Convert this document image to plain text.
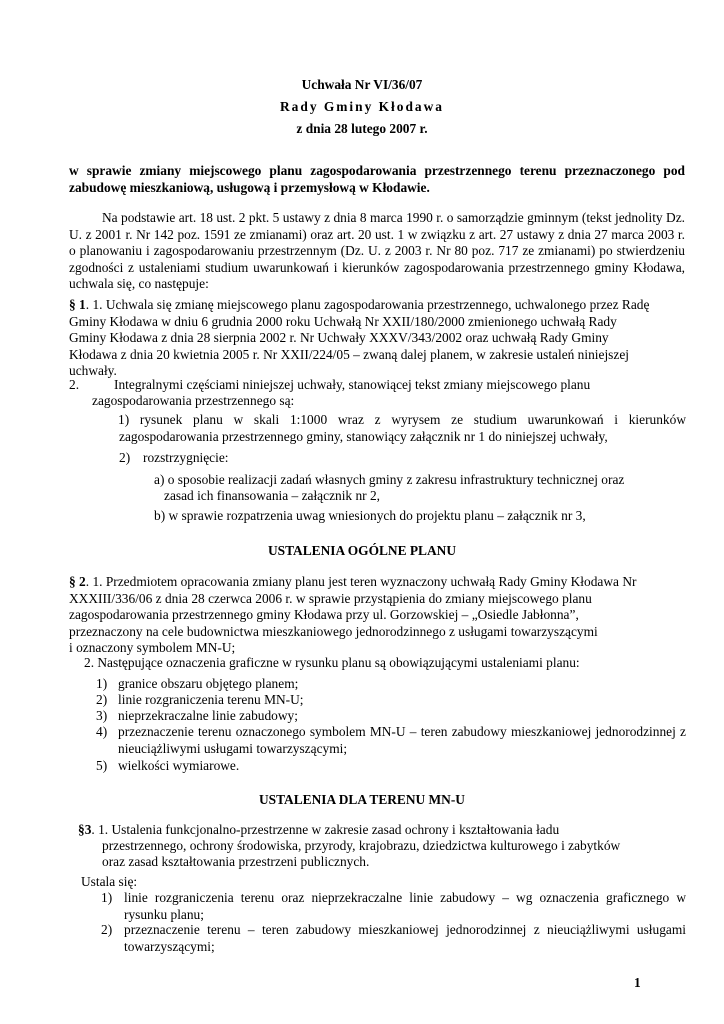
Uchwała Nr VI/36/07
Rady Gminy Kłodawa
z dnia 28 lutego 2007 r.

w sprawie zmiany miejscowego planu zagospodarowania przestrzennego terenu przeznaczonego pod zabudowę mieszkaniową, usługową i przemysłową w Kłodawie.

Na podstawie art. 18 ust. 2 pkt. 5 ustawy z dnia 8 marca 1990 r. o samorządzie gminnym (tekst jednolity Dz. U. z 2001 r. Nr 142 poz. 1591 ze zmianami) oraz art. 20 ust. 1 w związku z art. 27 ustawy z dnia 27 marca 2003 r. o planowaniu i zagospodarowaniu przestrzennym (Dz. U. z 2003 r. Nr 80 poz. 717 ze zmianami) po stwierdzeniu zgodności z ustaleniami studium uwarunkowań i kierunków zagospodarowania przestrzennego gminy Kłodawa, uchwala się, co następuje:

§ 1. 1. Uchwala się zmianę miejscowego planu zagospodarowania przestrzennego, uchwalonego przez Radę
Gminy Kłodawa w dniu 6 grudnia 2000 roku Uchwałą Nr XXII/180/2000 zmienionego uchwałą Rady
Gminy Kłodawa z dnia 28 sierpnia 2002 r. Nr Uchwały XXXV/343/2002 oraz uchwałą Rady Gminy
Kłodawa z dnia 20 kwietnia 2005 r. Nr XXII/224/05 – zwaną dalej planem, w zakresie ustaleń niniejszej
uchwały.
2.	Integralnymi częściami niniejszej uchwały, stanowiącej tekst zmiany miejscowego planu
zagospodarowania przestrzennego są:

1) rysunek planu w skali 1:1000 wraz z wyrysem ze studium uwarunkowań i kierunków zagospodarowania przestrzennego gminy, stanowiący załącznik nr 1 do niniejszej uchwały,

2) rozstrzygnięcie:
a) o sposobie realizacji zadań własnych gminy z zakresu infrastruktury technicznej oraz
zasad ich finansowania – załącznik nr 2,
b) w sprawie rozpatrzenia uwag wniesionych do projektu planu – załącznik nr 3,
USTALENIA OGÓLNE PLANU
§ 2. 1. Przedmiotem opracowania zmiany planu jest teren wyznaczony uchwałą Rady Gminy Kłodawa Nr
XXXIII/336/06 z dnia 28 czerwca 2006 r. w sprawie przystąpienia do zmiany miejscowego planu
zagospodarowania przestrzennego gminy Kłodawa przy ul. Gorzowskiej – „Osiedle Jabłonna”,
przeznaczony na cele budownictwa mieszkaniowego jednorodzinnego z usługami towarzyszącymi
i oznaczony symbolem MN-U;
2. Następujące oznaczenia graficzne w rysunku planu są obowiązującymi ustaleniami planu:
1) granice obszaru objętego planem;
2) linie rozgraniczenia terenu MN-U;
3) nieprzekraczalne linie zabudowy;
4) przeznaczenie terenu oznaczonego symbolem MN-U – teren zabudowy mieszkaniowej jednorodzinnej z nieuciążliwymi usługami towarzyszącymi;

5) wielkości wymiarowe.
USTALENIA DLA TERENU MN-U
§3. 1. Ustalenia funkcjonalno-przestrzenne w zakresie zasad ochrony i kształtowania ładu
przestrzennego, ochrony środowiska, przyrody, krajobrazu, dziedzictwa kulturowego i zabytków
oraz zasad kształtowania przestrzeni publicznych.
Ustala się:
1) linie rozgraniczenia terenu oraz nieprzekraczalne linie zabudowy – wg oznaczenia graficznego w rysunku planu;

2) przeznaczenie terenu – teren zabudowy mieszkaniowej jednorodzinnej z nieuciążliwymi usługami towarzyszącymi;

1
